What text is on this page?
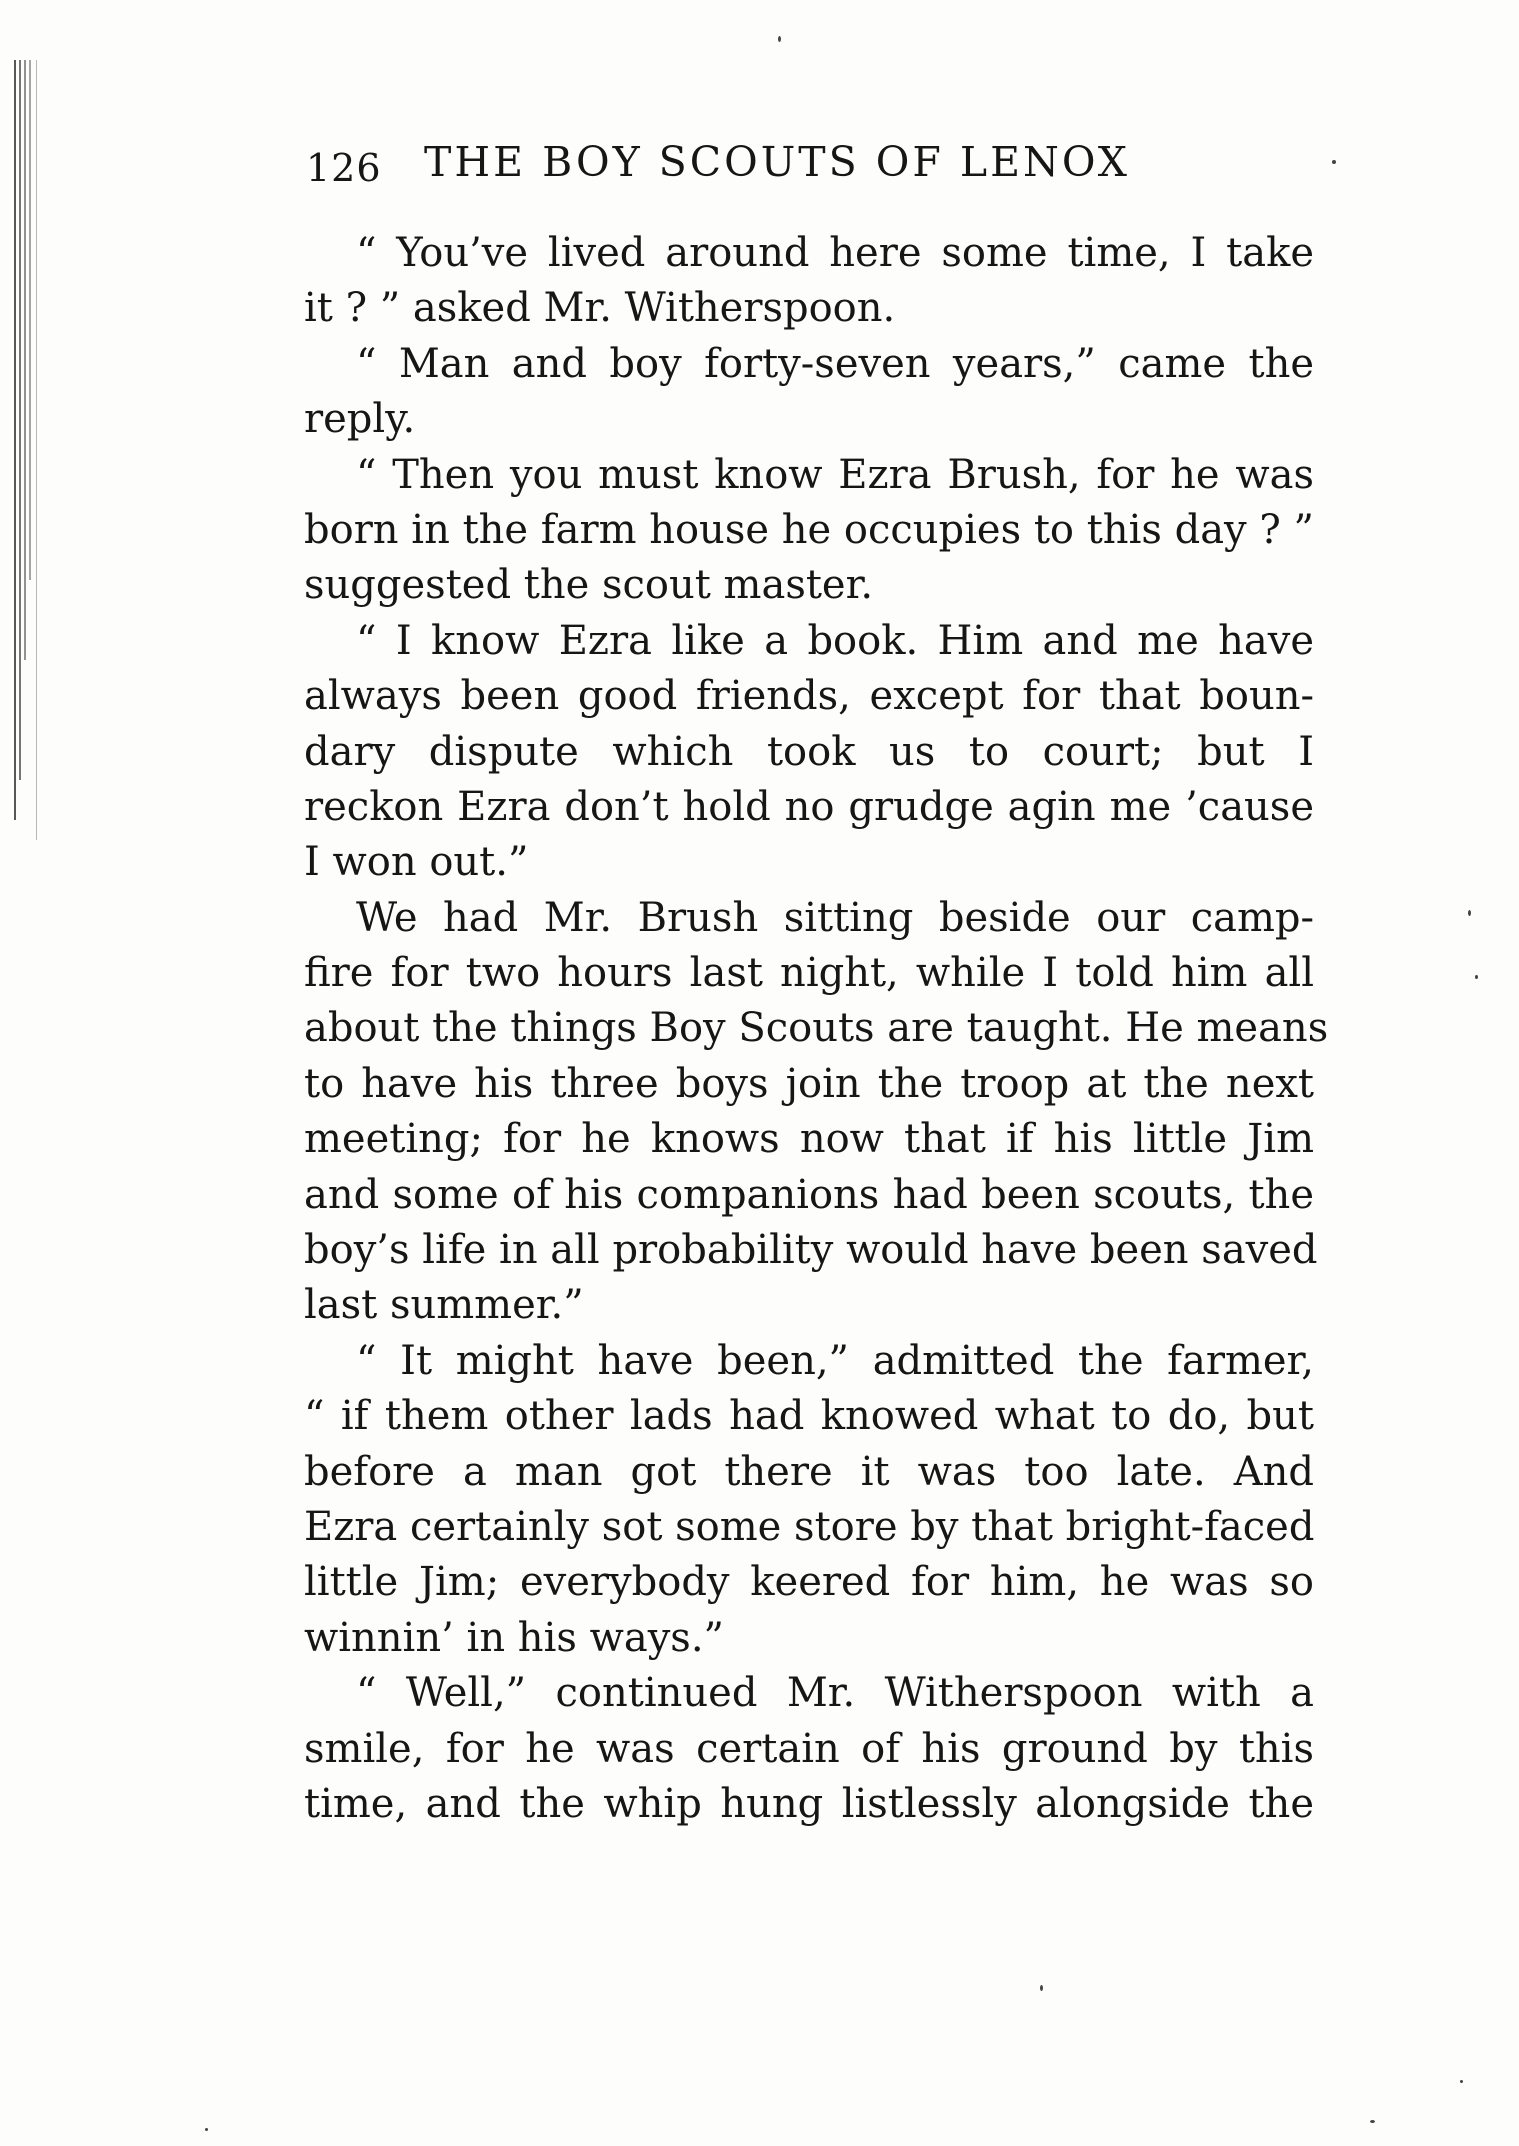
126 THE BOY SCOUTS OF LENOX
“ You’ve lived around here some time, I take
it ? ” asked Mr. Witherspoon.
“ Man and boy forty-seven years,” came the
reply.
“ Then you must know Ezra Brush, for he was
born in the farm house he occupies to this day ? ”
suggested the scout master.
“ I know Ezra like a book. Him and me have
always been good friends, except for that boun-
dary dispute which took us to court; but I
reckon Ezra don’t hold no grudge agin me ’cause
I won out.”
We had Mr. Brush sitting beside our camp-
fire for two hours last night, while I told him all
about the things Boy Scouts are taught. He means
to have his three boys join the troop at the next
meeting; for he knows now that if his little Jim
and some of his companions had been scouts, the
boy’s life in all probability would have been saved
last summer.”
“ It might have been,” admitted the farmer,
“ if them other lads had knowed what to do, but
before a man got there it was too late. And
Ezra certainly sot some store by that bright-faced
little Jim; everybody keered for him, he was so
winnin’ in his ways.”
“ Well,” continued Mr. Witherspoon with a
smile, for he was certain of his ground by this
time, and the whip hung listlessly alongside the
